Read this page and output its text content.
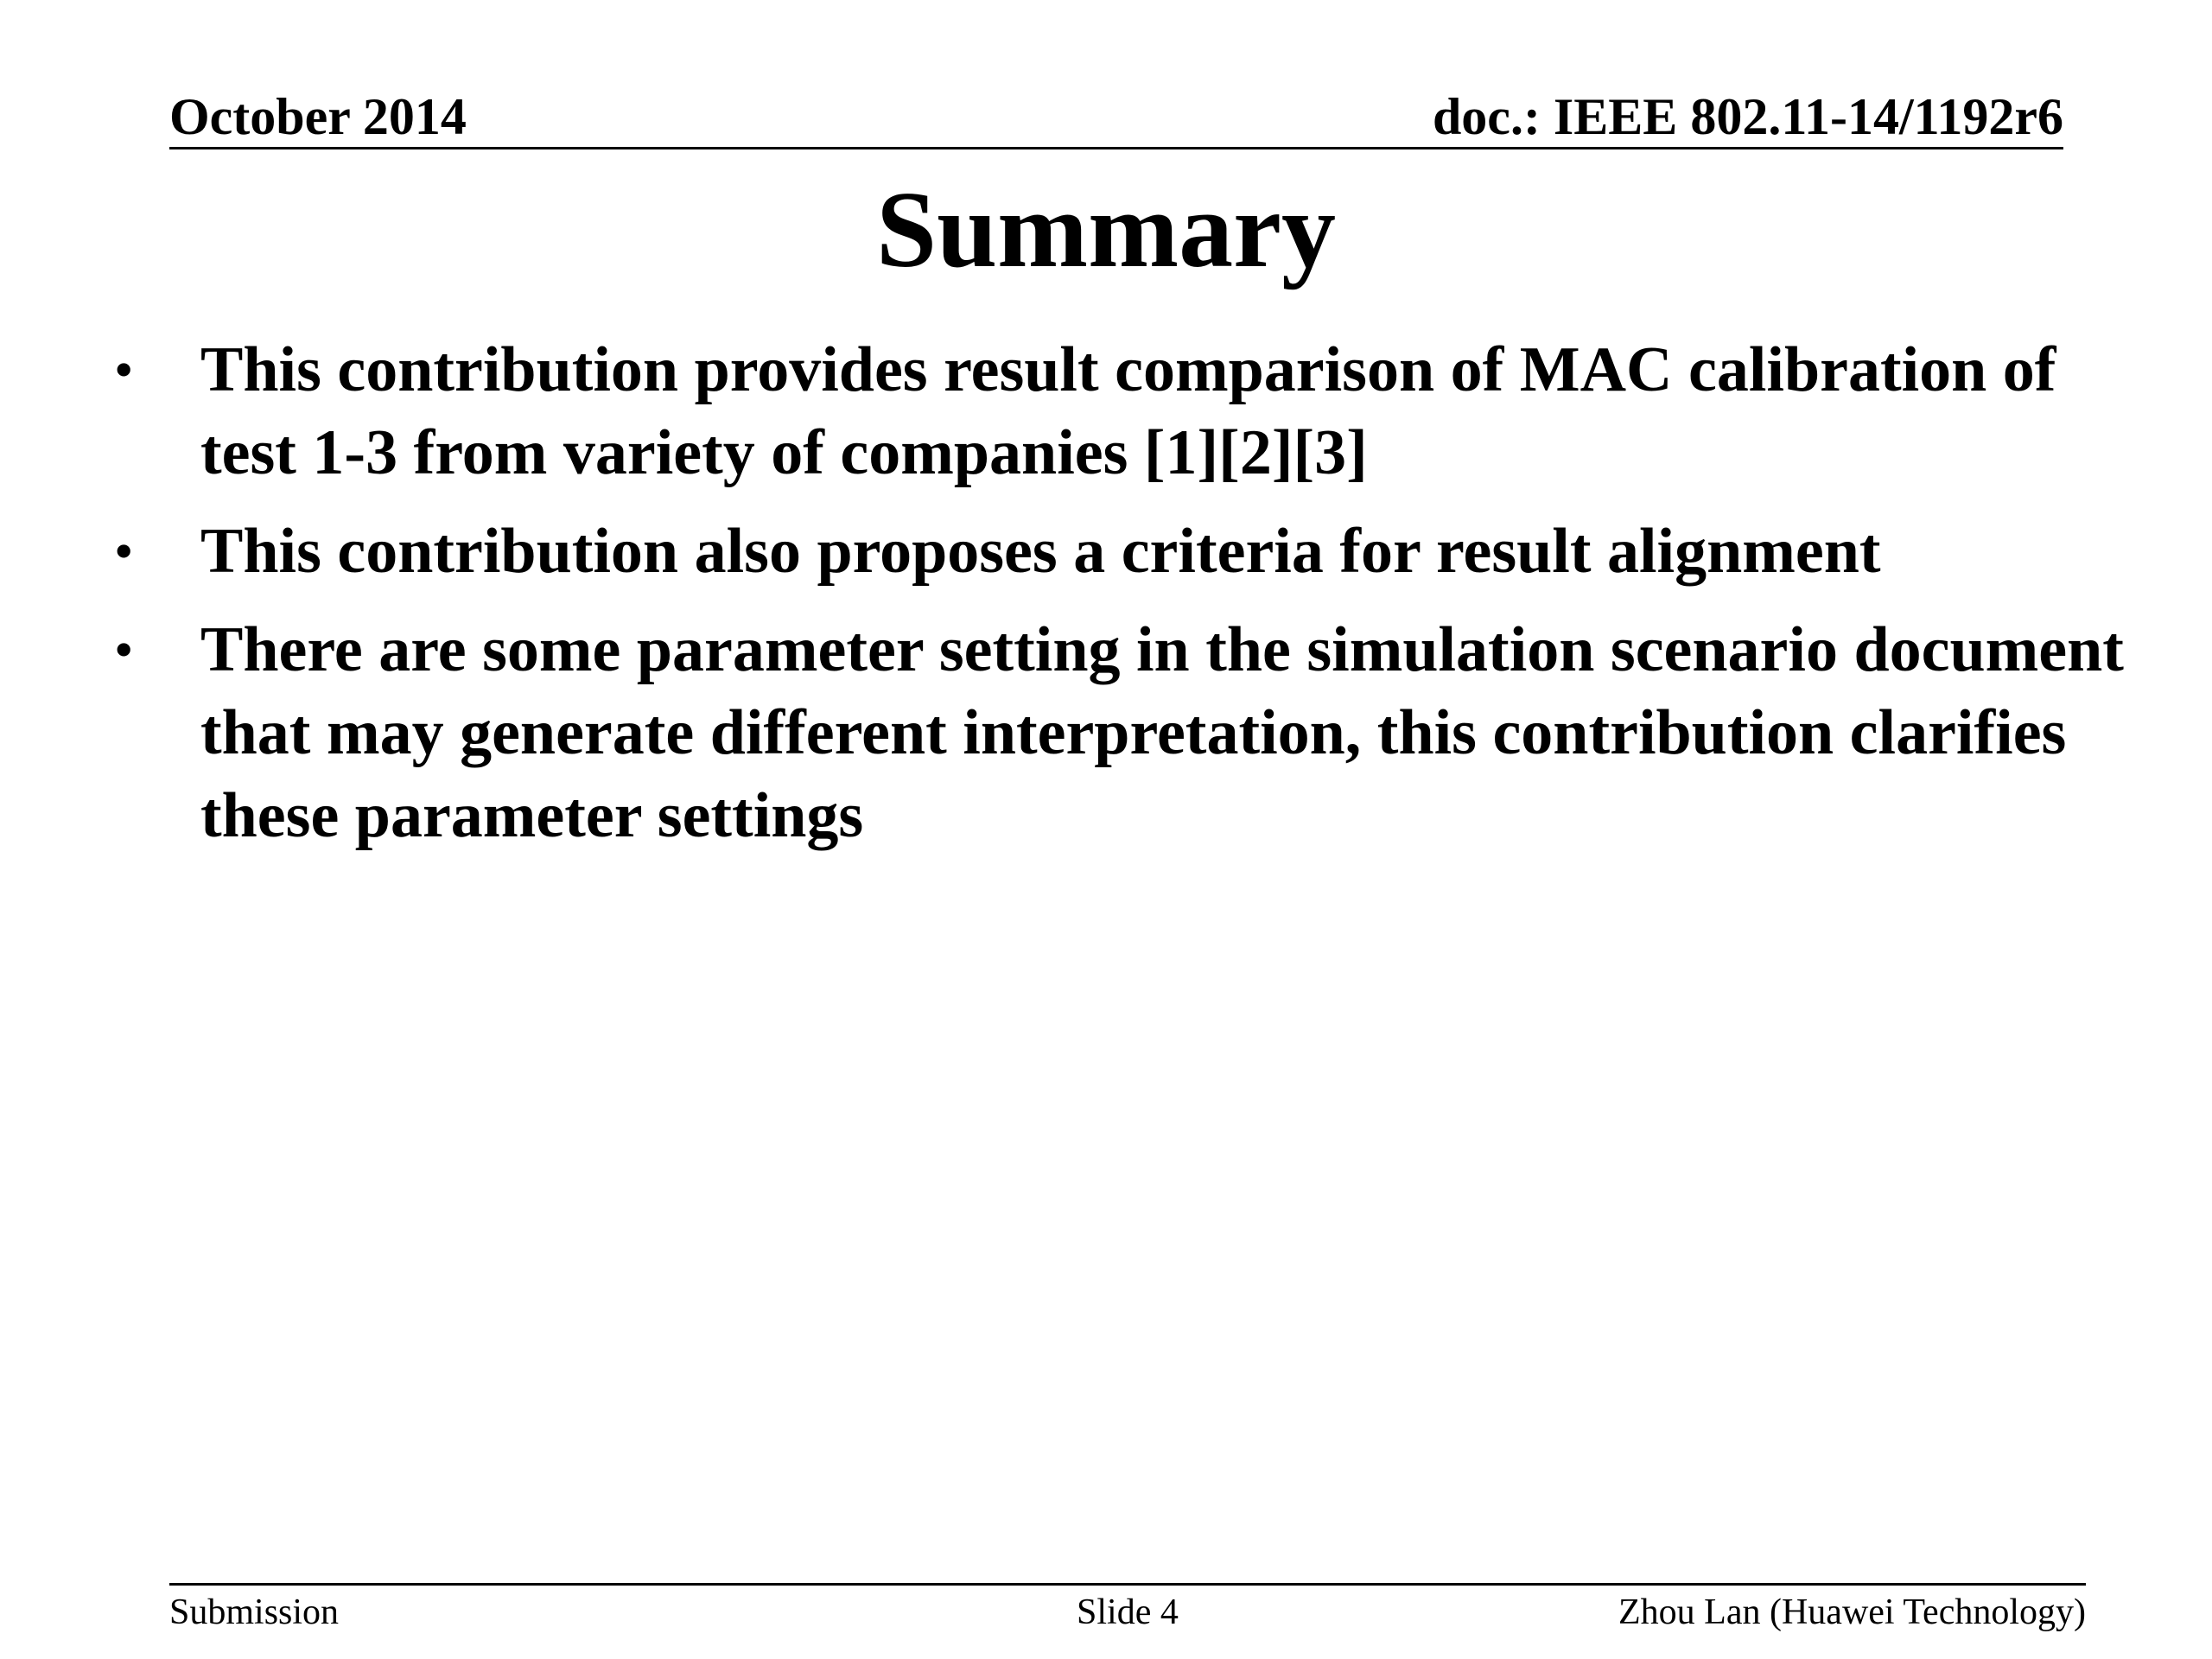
October 2014	doc.: IEEE 802.11-14/1192r6
Summary
• This contribution provides result comparison of MAC calibration of test 1-3 from variety of companies [1][2][3]
• This contribution also proposes a criteria for result alignment
• There are some parameter setting in the simulation scenario document that may generate different interpretation, this contribution clarifies these parameter settings
Submission	Slide 4	Zhou Lan (Huawei Technology)
